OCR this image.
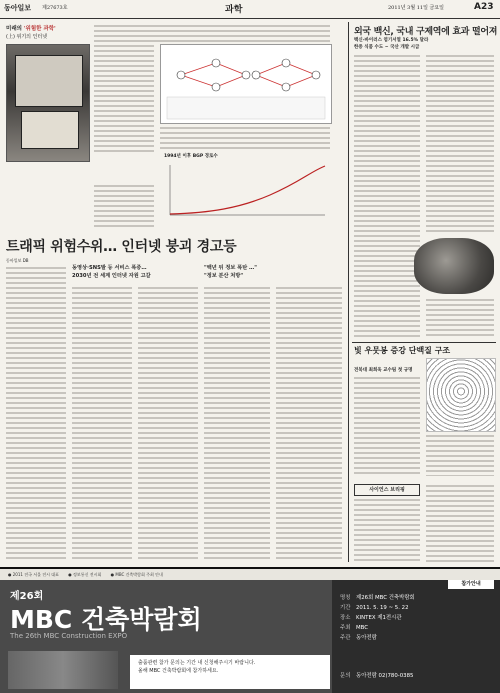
동아일보 제27673호	과학	2011년 3월 11일 금요일	A23
미래의 '위험한 과학'
(上) 위기의 인터넷
1994년 이후 BGP 경로수
트래픽 위험수위… 인터넷 붕괴 경고등
동아일보 DB
동영상·SNS발 등 서비스 폭증…
2030년 전 세계 인터넷 자원 고갈
"백년 뒤 정보 폭탄 …"
"정보 분산 처방"
외국 백신, 국내 구제역에 효과 떨어져
백신-바이러스 염기서열 16.5% 달라
한중 식품 수도 ~ 국산 개발 시급
빛 우뭇봉 증강 단백질 구조
전북대 최희욱 교수팀 첫 규명
사이언스 브리핑
● 2011 전국 서울 전시 대표 ● 정보통신 전시회 ● MBC 건축박람회 주최 안내
제26회
MBC 건축박람회
The 26th MBC Construction EXPO
출품관련 참가 문의는 기간 내 신청해주시기 바랍니다.
올해 MBC 건축박람회에 참가하세요.
참가안내
명칭 제26회 MBC 건축박람회
기간 2011. 5. 19 ~ 5. 22
장소 KINTEX 제1전시관
주최 MBC
주관 동아전람
문의 동아전람 02)780-0385
